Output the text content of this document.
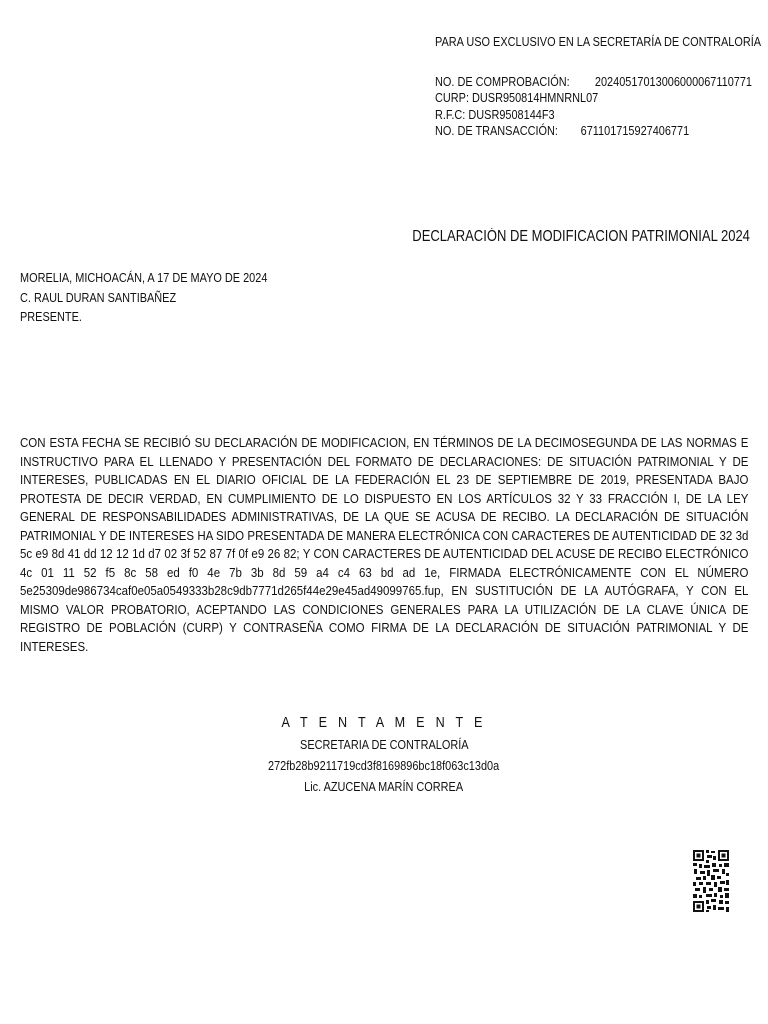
PARA USO EXCLUSIVO EN LA SECRETARÍA DE CONTRALORÍA
NO. DE COMPROBACIÓN: 20240517013006000067110771
CURP: DUSR950814HMNRNL07
R.F.C: DUSR9508144F3
NO. DE TRANSACCIÓN: 671101715927406771
DECLARACIÓN DE MODIFICACION PATRIMONIAL 2024
MORELIA, MICHOACÁN, A 17 DE MAYO DE 2024
C. RAUL DURAN SANTIBAÑEZ
PRESENTE.
CON ESTA FECHA SE RECIBIÓ SU DECLARACIÓN DE MODIFICACION, EN TÉRMINOS DE LA DECIMOSEGUNDA DE LAS NORMAS E INSTRUCTIVO PARA EL LLENADO Y PRESENTACIÓN DEL FORMATO DE DECLARACIONES: DE SITUACIÓN PATRIMONIAL Y DE INTERESES, PUBLICADAS EN EL DIARIO OFICIAL DE LA FEDERACIÓN EL 23 DE SEPTIEMBRE DE 2019, PRESENTADA BAJO PROTESTA DE DECIR VERDAD, EN CUMPLIMIENTO DE LO DISPUESTO EN LOS ARTÍCULOS 32 Y 33 FRACCIÓN I, DE LA LEY GENERAL DE RESPONSABILIDADES ADMINISTRATIVAS, DE LA QUE SE ACUSA DE RECIBO. LA DECLARACIÓN DE SITUACIÓN PATRIMONIAL Y DE INTERESES HA SIDO PRESENTADA DE MANERA ELECTRÓNICA CON CARACTERES DE AUTENTICIDAD DE 32 3d 5c e9 8d 41 dd 12 12 1d d7 02 3f 52 87 7f 0f e9 26 82; Y CON CARACTERES DE AUTENTICIDAD DEL ACUSE DE RECIBO ELECTRÓNICO 4c 01 11 52 f5 8c 58 ed f0 4e 7b 3b 8d 59 a4 c4 63 bd ad 1e, FIRMADA ELECTRÓNICAMENTE CON EL NÚMERO 5e25309de986734caf0e05a0549333b28c9db7771d265f44e29e45ad49099765.fup, EN SUSTITUCIÓN DE LA AUTÓGRAFA, Y CON EL MISMO VALOR PROBATORIO, ACEPTANDO LAS CONDICIONES GENERALES PARA LA UTILIZACIÓN DE LA CLAVE ÚNICA DE REGISTRO DE POBLACIÓN (CURP) Y CONTRASEÑA COMO FIRMA DE LA DECLARACIÓN DE SITUACIÓN PATRIMONIAL Y DE INTERESES.
A T E N T A M E N T E
SECRETARIA DE CONTRALORÍA
272fb28b9211719cd3f8169896bc18f063c13d0a
Lic. AZUCENA MARÍN CORREA
